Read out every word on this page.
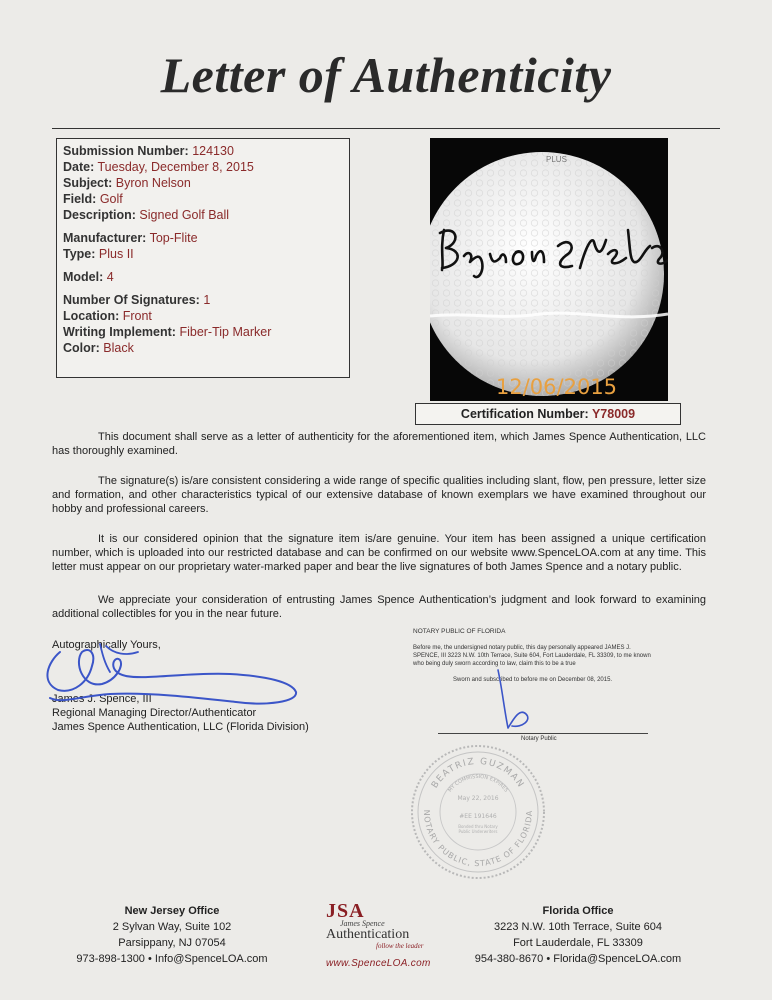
Letter of Authenticity
Submission Number: 124130
Date: Tuesday, December 8, 2015
Subject: Byron Nelson
Field: Golf
Description: Signed Golf Ball
Manufacturer: Top-Flite
Type: Plus II
Model: 4
Number Of Signatures: 1
Location: Front
Writing Implement: Fiber-Tip Marker
Color: Black
PLUS
12/06/2015
Certification Number: Y78009
This document shall serve as a letter of authenticity for the aforementioned item, which James Spence Authentication, LLC has thoroughly examined.
The signature(s) is/are consistent considering a wide range of specific qualities including slant, flow, pen pressure, letter size and formation, and other characteristics typical of our extensive database of known exemplars we have examined throughout our hobby and professional careers.
It is our considered opinion that the signature item is/are genuine. Your item has been assigned a unique certification number, which is uploaded into our restricted database and can be confirmed on our website www.SpenceLOA.com at any time. This letter must appear on our proprietary water-marked paper and bear the live signatures of both James Spence and a notary public.
We appreciate your consideration of entrusting James Spence Authentication’s judgment and look forward to examining additional collectibles for you in the near future.
Autographically Yours,
James J. Spence, III
Regional Managing Director/Authenticator
James Spence Authentication, LLC (Florida Division)
NOTARY PUBLIC OF FLORIDA
Before me, the undersigned notary public, this day personally appeared JAMES J. SPENCE, III 3223 N.W. 10th Terrace, Suite 604, Fort Lauderdale, FL 33309, to me known who being duly sworn according to law, claim this to be a true
Sworn and subscribed to before me on December 08, 2015.
Notary Public
BEATRIZ GUZMAN
NOTARY PUBLIC, STATE OF FLORIDA
MY COMMISSION EXPIRES
May 22, 2016
#EE 191646
Bonded thru Notary Public Underwriters
New Jersey Office
2 Sylvan Way, Suite 102
Parsippany, NJ 07054
973-898-1300 • Info@SpenceLOA.com
JSA
James Spence
Authentication
follow the leader
www.SpenceLOA.com
Florida Office
3223 N.W. 10th Terrace, Suite 604
Fort Lauderdale, FL 33309
954-380-8670 • Florida@SpenceLOA.com
